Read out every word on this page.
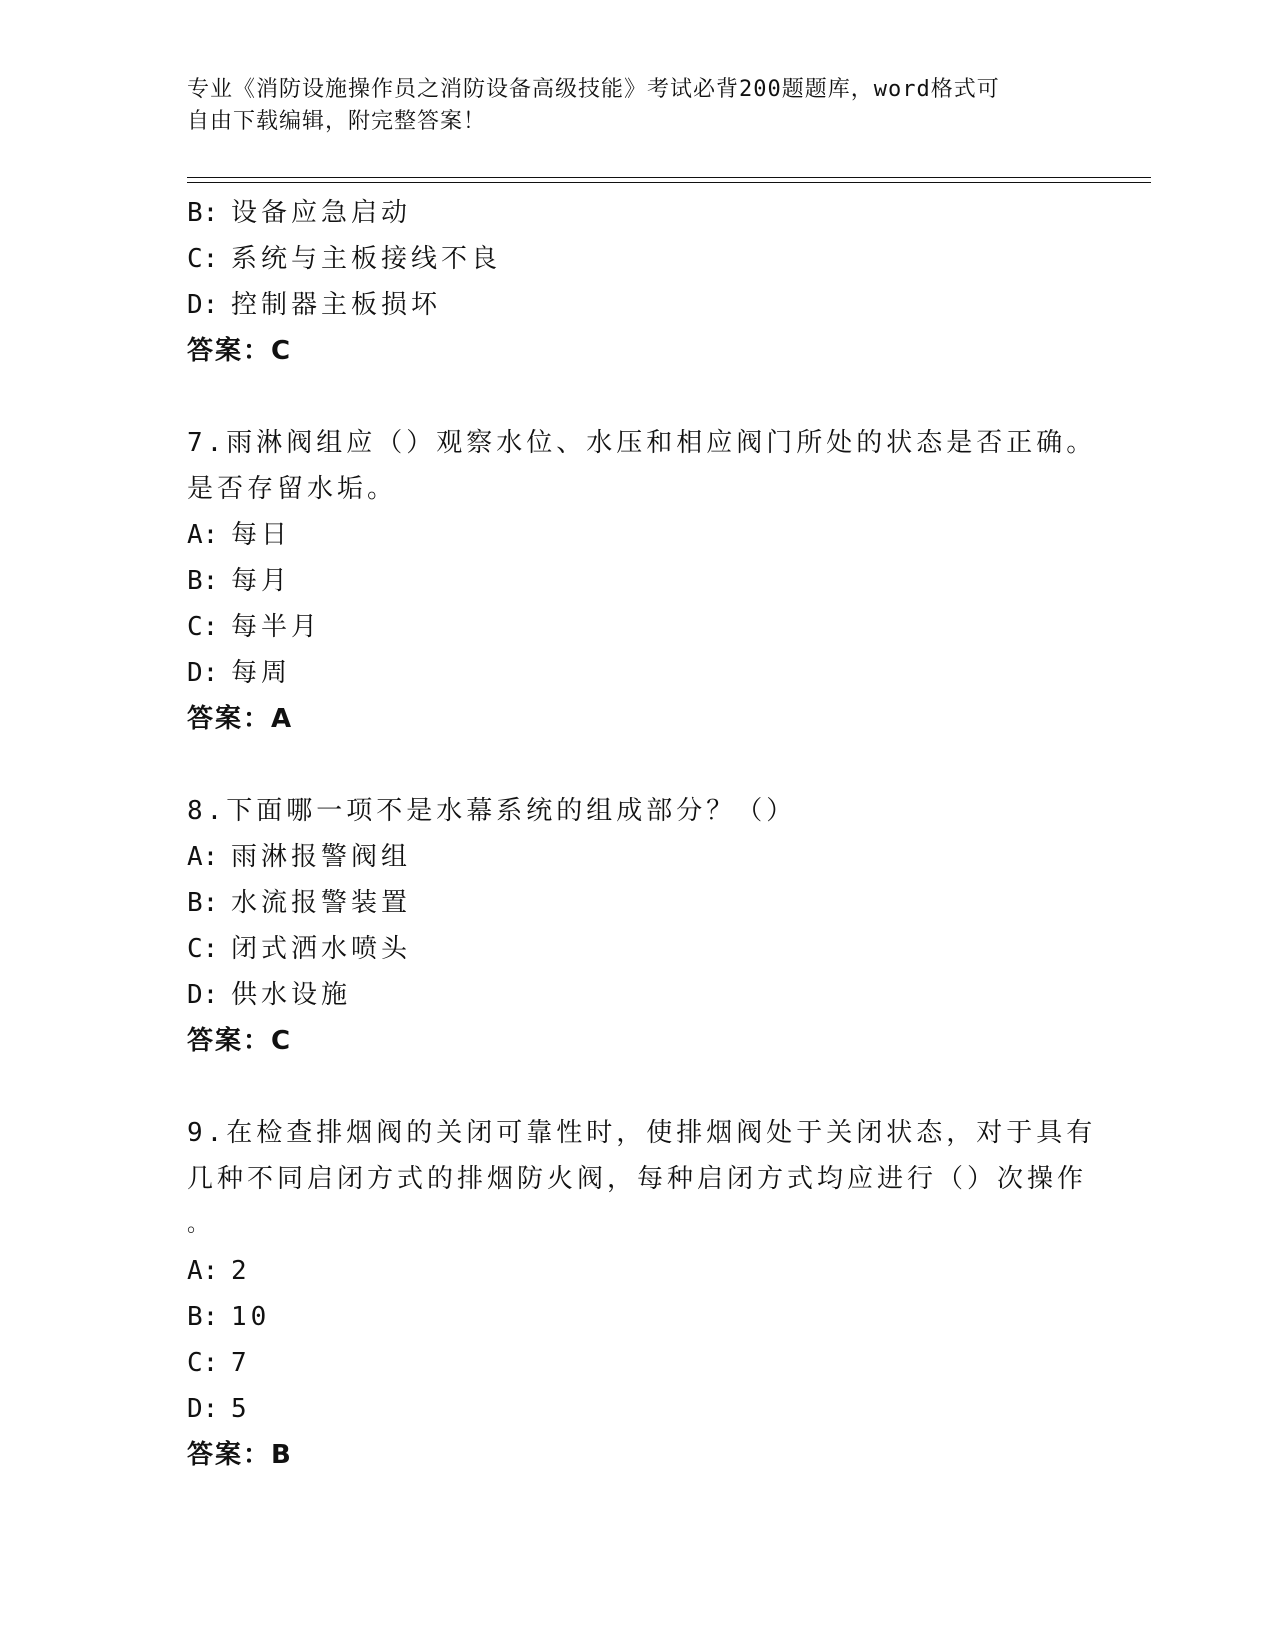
专业《消防设施操作员之消防设备高级技能》考试必背200题题库，word格式可
自由下载编辑，附完整答案！
B: 设备应急启动
C: 系统与主板接线不良
D: 控制器主板损坏
答案：C
7.雨淋阀组应（）观察水位、水压和相应阀门所处的状态是否正确。
是否存留水垢。
A: 每日
B: 每月
C: 每半月
D: 每周
答案：A
8.下面哪一项不是水幕系统的组成部分？（）
A: 雨淋报警阀组
B: 水流报警装置
C: 闭式洒水喷头
D: 供水设施
答案：C
9.在检查排烟阀的关闭可靠性时，使排烟阀处于关闭状态，对于具有
几种不同启闭方式的排烟防火阀，每种启闭方式均应进行（）次操作
。
A: 2
B: 10
C: 7
D: 5
答案：B
